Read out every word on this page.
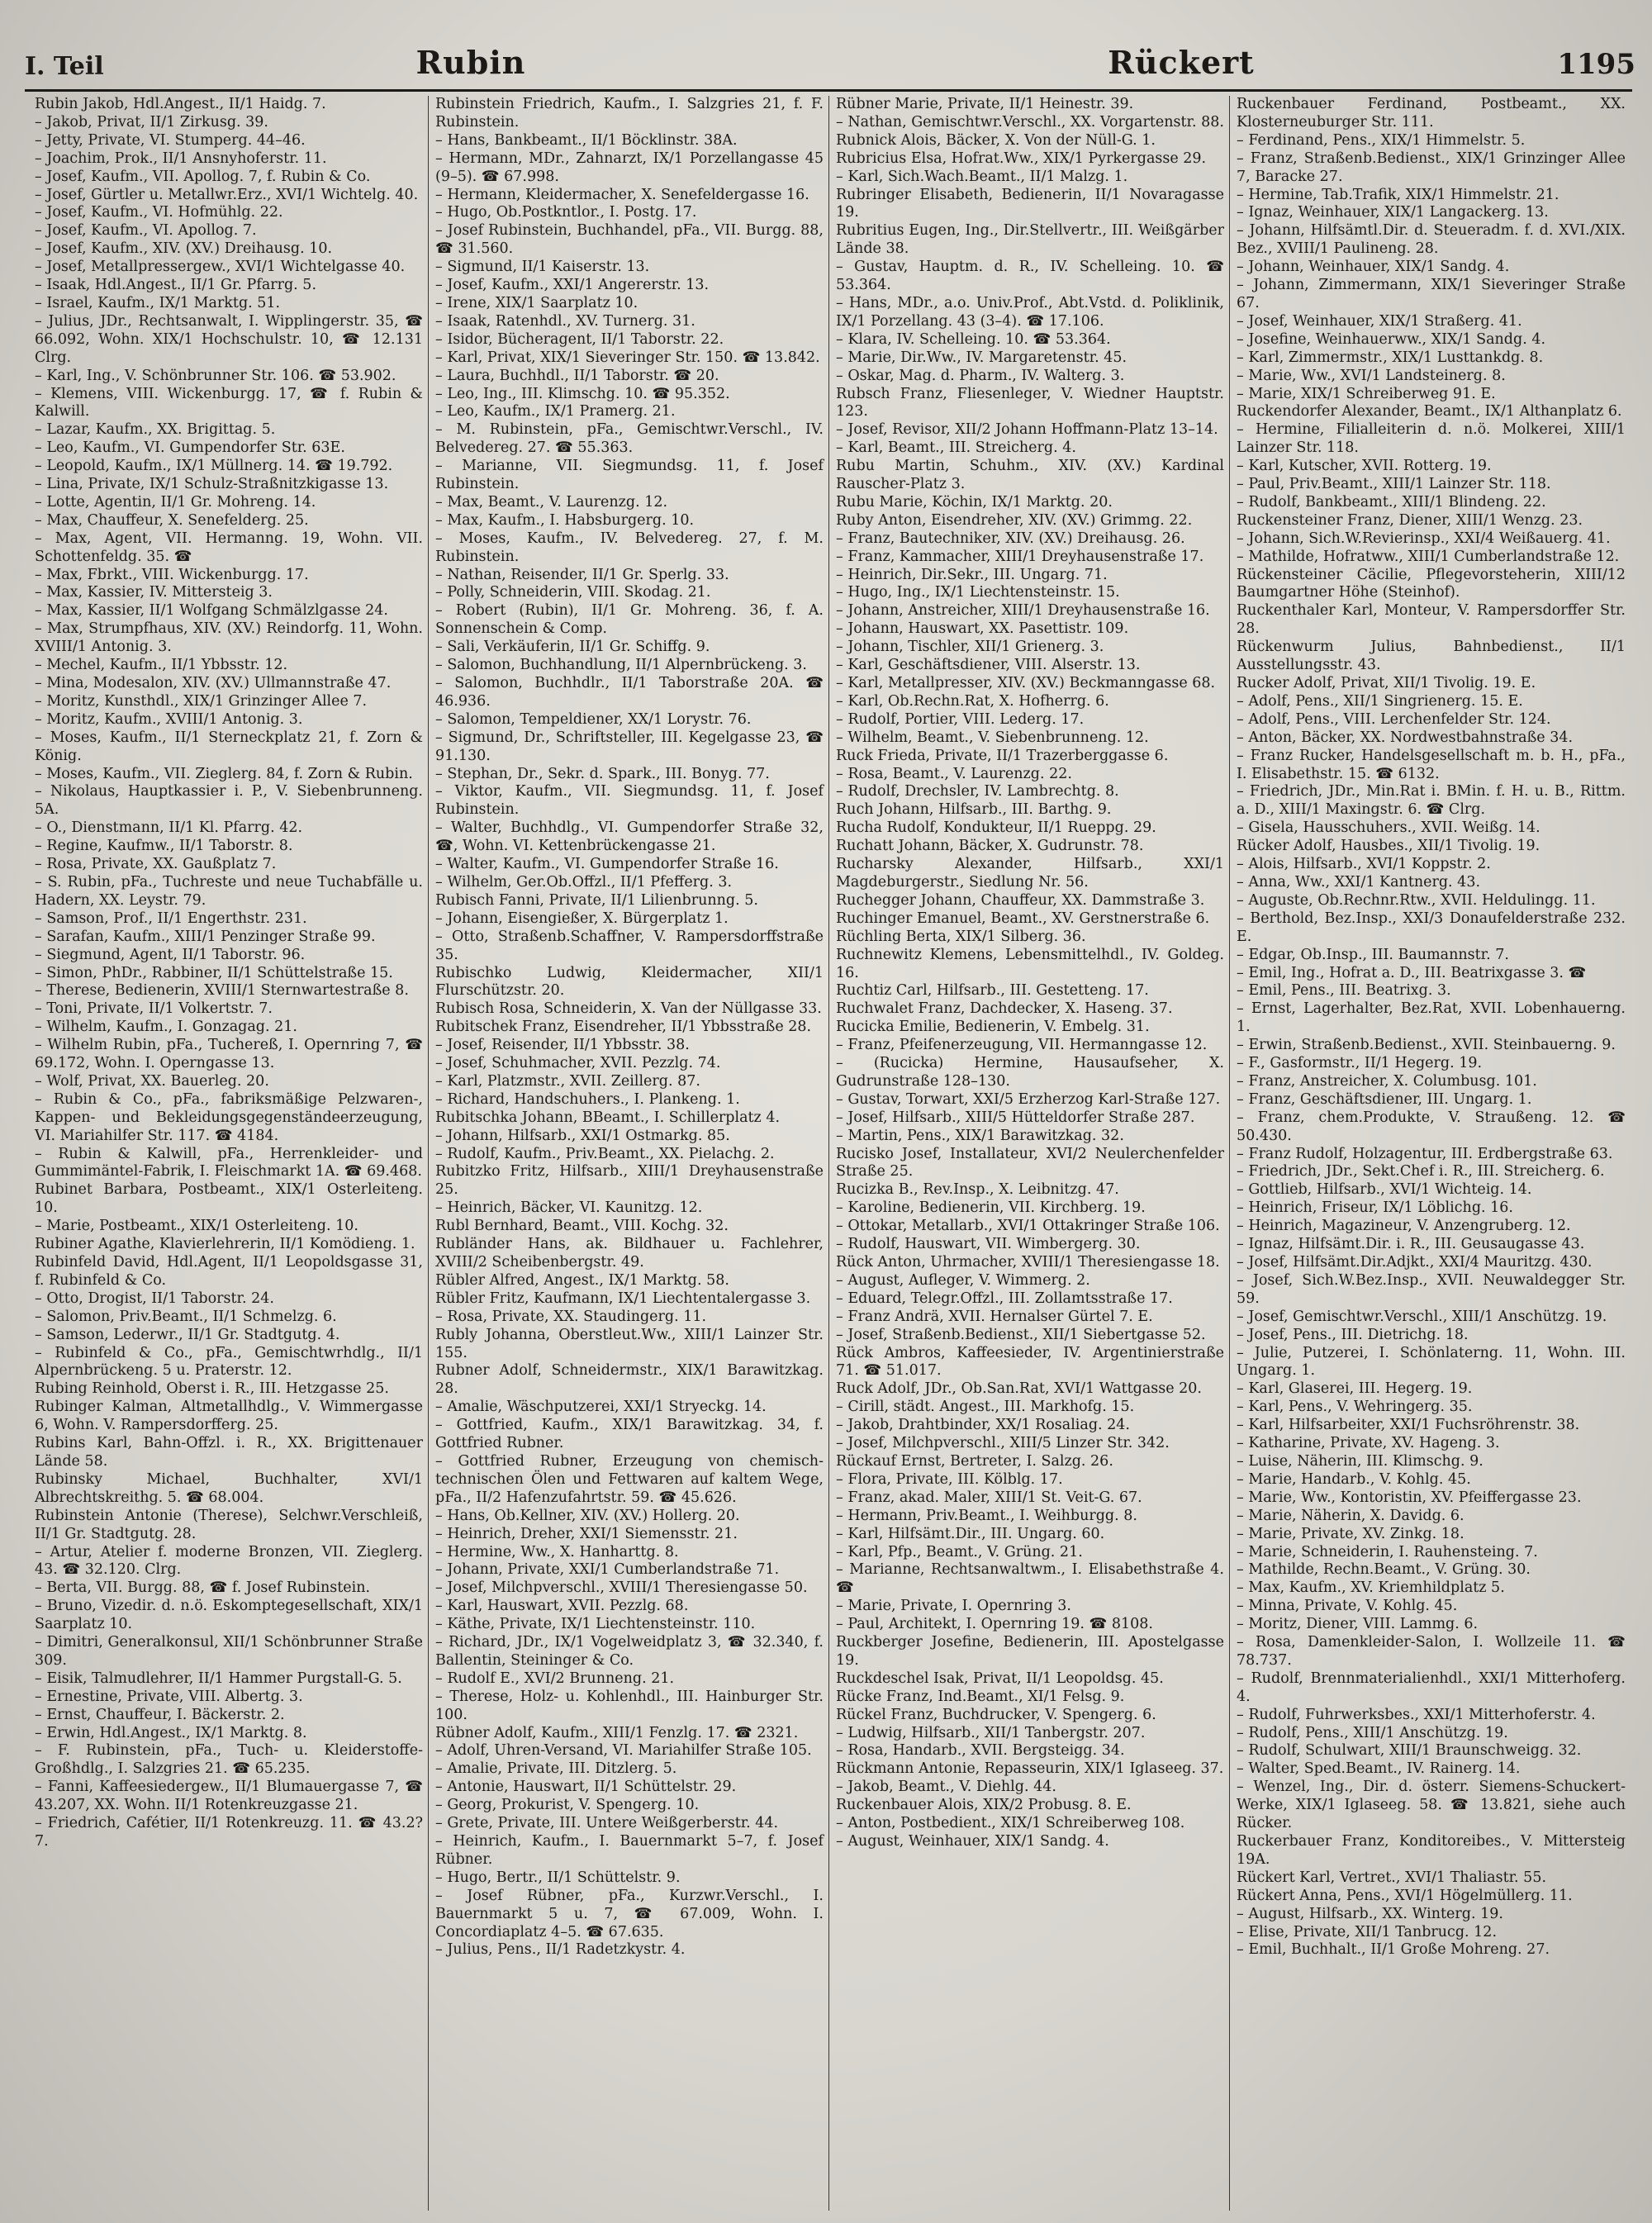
I. Teil	Rubin	Rückert	1195
Rubin Jakob, Hdl.Angest., II/1 Haidg. 7.
– Jakob, Privat, II/1 Zirkusg. 39.
– Jetty, Private, VI. Stumperg. 44–46.
– Joachim, Prok., II/1 Ansnyhoferstr. 11.
– Josef, Kaufm., VII. Apollog. 7, f. Rubin & Co.
– Josef, Gürtler u. Metallwr.Erz., XVI/1 Wichtelg. 40.
– Josef, Kaufm., VI. Hofmühlg. 22.
– Josef, Kaufm., VI. Apollog. 7.
– Josef, Kaufm., XIV. (XV.) Dreihausg. 10.
– Josef, Metallpressergew., XVI/1 Wichtelgasse 40.
– Isaak, Hdl.Angest., II/1 Gr. Pfarrg. 5.
– Israel, Kaufm., IX/1 Marktg. 51.
– Julius, JDr., Rechtsanwalt, I. Wipplingerstr. 35, ☎ 66.092, Wohn. XIX/1 Hochschulstr. 10, ☎ 12.131 Clrg.
– Karl, Ing., V. Schönbrunner Str. 106. ☎ 53.902.
– Klemens, VIII. Wickenburgg. 17, ☎ f. Rubin & Kalwill.
– Lazar, Kaufm., XX. Brigittag. 5.
– Leo, Kaufm., VI. Gumpendorfer Str. 63E.
– Leopold, Kaufm., IX/1 Müllnerg. 14. ☎ 19.792.
– Lina, Private, IX/1 Schulz-Straßnitzkigasse 13.
– Lotte, Agentin, II/1 Gr. Mohreng. 14.
– Max, Chauffeur, X. Senefelderg. 25.
– Max, Agent, VII. Hermanng. 19, Wohn. VII. Schottenfeldg. 35. ☎
– Max, Fbrkt., VIII. Wickenburgg. 17.
– Max, Kassier, IV. Mittersteig 3.
– Max, Kassier, II/1 Wolfgang Schmälzlgasse 24.
– Max, Strumpfhaus, XIV. (XV.) Reindorfg. 11, Wohn. XVIII/1 Antonig. 3.
– Mechel, Kaufm., II/1 Ybbsstr. 12.
– Mina, Modesalon, XIV. (XV.) Ullmannstraße 47.
– Moritz, Kunsthdl., XIX/1 Grinzinger Allee 7.
– Moritz, Kaufm., XVIII/1 Antonig. 3.
– Moses, Kaufm., II/1 Sterneckplatz 21, f. Zorn & König.
– Moses, Kaufm., VII. Zieglerg. 84, f. Zorn & Rubin.
– Nikolaus, Hauptkassier i. P., V. Siebenbrunneng. 5A.
– O., Dienstmann, II/1 Kl. Pfarrg. 42.
– Regine, Kaufmw., II/1 Taborstr. 8.
– Rosa, Private, XX. Gaußplatz 7.
– S. Rubin, pFa., Tuchreste und neue Tuchabfälle u. Hadern, XX. Leystr. 79.
– Samson, Prof., II/1 Engerthstr. 231.
– Sarafan, Kaufm., XIII/1 Penzinger Straße 99.
– Siegmund, Agent, II/1 Taborstr. 96.
– Simon, PhDr., Rabbiner, II/1 Schüttelstraße 15.
– Therese, Bedienerin, XVIII/1 Sternwartestraße 8.
– Toni, Private, II/1 Volkertstr. 7.
– Wilhelm, Kaufm., I. Gonzagag. 21.
– Wilhelm Rubin, pFa., Tuchereß, I. Opernring 7, ☎ 69.172, Wohn. I. Operngasse 13.
– Wolf, Privat, XX. Bauerlеg. 20.
– Rubin & Co., pFa., fabriksmäßige Pelzwaren-, Kappen- und Bekleidungsgegenständeerzeugung, VI. Mariahilfer Str. 117. ☎ 4184.
– Rubin & Kalwill, pFa., Herrenkleider- und Gummimäntel-Fabrik, I. Fleischmarkt 1A. ☎ 69.468.
Rubinet Barbara, Postbeamt., XIX/1 Osterleiteng. 10.
– Marie, Postbeamt., XIX/1 Osterleiteng. 10.
Rubiner Agathe, Klavierlehrerin, II/1 Komödieng. 1.
Rubinfeld David, Hdl.Agent, II/1 Leopoldsgasse 31, f. Rubinfeld & Co.
– Otto, Drogist, II/1 Taborstr. 24.
– Salomon, Priv.Beamt., II/1 Schmelzg. 6.
– Samson, Lederwr., II/1 Gr. Stadtgutg. 4.
– Rubinfeld & Co., pFa., Gemischtwrhdlg., II/1 Alpernbrückeng. 5 u. Praterstr. 12.
Rubing Reinhold, Oberst i. R., III. Hetzgasse 25.
Rubinger Kalman, Altmetallhdlg., V. Wimmergasse 6, Wohn. V. Rampersdorfferg. 25.
Rubins Karl, Bahn-Offzl. i. R., XX. Brigittenauer Lände 58.
Rubinsky Michael, Buchhalter, XVI/1 Albrechtskreithg. 5. ☎ 68.004.
Rubinstein Antonie (Therese), Selchwr.Verschleiß, II/1 Gr. Stadtgutg. 28.
– Artur, Atelier f. moderne Bronzen, VII. Zieglerg. 43. ☎ 32.120. Clrg.
– Berta, VII. Burgg. 88, ☎ f. Josef Rubinstein.
– Bruno, Vizedir. d. n.ö. Eskomptegesellschaft, XIX/1 Saarplatz 10.
– Dimitri, Generalkonsul, XII/1 Schönbrunner Straße 309.
– Eisik, Talmudlehrer, II/1 Hammer Purgstall-G. 5.
– Ernestine, Private, VIII. Albertg. 3.
– Ernst, Chauffeur, I. Bäckerstr. 2.
– Erwin, Hdl.Angest., IX/1 Marktg. 8.
– F. Rubinstein, pFa., Tuch- u. Kleiderstoffe-Großhdlg., I. Salzgries 21. ☎ 65.235.
– Fanni, Kaffeesiedergew., II/1 Blumauergasse 7, ☎ 43.207, XX. Wohn. II/1 Rotenkreuzgasse 21.
– Friedrich, Cafétier, II/1 Rotenkreuzg. 11. ☎ 43.2?7.
Rubinstein Friedrich, Kaufm., I. Salzgries 21, f. F. Rubinstein.
– Hans, Bankbeamt., II/1 Böcklinstr. 38A.
– Hermann, MDr., Zahnarzt, IX/1 Porzellangasse 45 (9–5). ☎ 67.998.
– Hermann, Kleidermacher, X. Senefeldergasse 16.
– Hugo, Ob.Postkntlor., I. Postg. 17.
– Josef Rubinstein, Buchhandel, pFa., VII. Burgg. 88, ☎ 31.560.
– Sigmund, II/1 Kaiserstr. 13.
– Josef, Kaufm., XXI/1 Angererstr. 13.
– Irene, XIX/1 Saarplatz 10.
– Isaak, Ratenhdl., XV. Turnerg. 31.
– Isidor, Bücheragent, II/1 Taborstr. 22.
– Karl, Privat, XIX/1 Sieveringer Str. 150. ☎ 13.842.
– Laura, Buchhdl., II/1 Taborstr. ☎ 20.
– Leo, Ing., III. Klimschg. 10. ☎ 95.352.
– Leo, Kaufm., IX/1 Pramerg. 21.
– M. Rubinstein, pFa., Gemischtwr.Verschl., IV. Belvedereg. 27. ☎ 55.363.
– Marianne, VII. Siegmundsg. 11, f. Josef Rubinstein.
– Max, Beamt., V. Laurenzg. 12.
– Max, Kaufm., I. Habsburgerg. 10.
– Moses, Kaufm., IV. Belvedereg. 27, f. M. Rubinstein.
– Nathan, Reisender, II/1 Gr. Sperlg. 33.
– Polly, Schneiderin, VIII. Skodag. 21.
– Robert (Rubin), II/1 Gr. Mohreng. 36, f. A. Sonnenschein & Comp.
– Sali, Verkäuferin, II/1 Gr. Schiffg. 9.
– Salomon, Buchhandlung, II/1 Alpernbrückeng. 3.
– Salomon, Buchhdlr., II/1 Taborstraße 20A. ☎ 46.936.
– Salomon, Tempeldiener, XX/1 Lorystr. 76.
– Sigmund, Dr., Schriftsteller, III. Kegelgasse 23, ☎ 91.130.
– Stephan, Dr., Sekr. d. Spark., III. Bonyg. 77.
– Viktor, Kaufm., VII. Siegmundsg. 11, f. Josef Rubinstein.
– Walter, Buchhdlg., VI. Gumpendorfer Straße 32, ☎, Wohn. VI. Kettenbrückengasse 21.
– Walter, Kaufm., VI. Gumpendorfer Straße 16.
– Wilhelm, Ger.Ob.Offzl., II/1 Pfefferg. 3.
Rubisch Fanni, Private, II/1 Lilienbrunng. 5.
– Johann, Eisengießer, X. Bürgerplatz 1.
– Otto, Straßenb.Schaffner, V. Rampersdorffstraße 35.
Rubischko Ludwig, Kleidermacher, XII/1 Flurschützstr. 20.
Rubisch Rosa, Schneiderin, X. Van der Nüllgasse 33.
Rubitschek Franz, Eisendreher, II/1 Ybbsstraße 28.
– Josef, Reisender, II/1 Ybbsstr. 38.
– Josef, Schuhmacher, XVII. Pezzlg. 74.
– Karl, Platzmstr., XVII. Zeillerg. 87.
– Richard, Handschuhers., I. Plankeng. 1.
Rubitschka Johann, BBeamt., I. Schillerplatz 4.
– Johann, Hilfsarb., XXI/1 Ostmarkg. 85.
– Rudolf, Kaufm., Priv.Beamt., XX. Pielachg. 2.
Rubitzko Fritz, Hilfsarb., XIII/1 Dreyhausenstraße 25.
– Heinrich, Bäcker, VI. Kaunitzg. 12.
Rubl Bernhard, Beamt., VIII. Kochg. 32.
Rubländer Hans, ak. Bildhauer u. Fachlehrer, XVIII/2 Scheibenbergstr. 49.
Rübler Alfred, Angest., IX/1 Marktg. 58.
Rübler Fritz, Kaufmann, IX/1 Liechtentalergasse 3.
– Rosa, Private, XX. Staudingerg. 11.
Rubly Johanna, Oberstleut.Ww., XIII/1 Lainzer Str. 155.
Rubner Adolf, Schneidermstr., XIX/1 Barawitzkag. 28.
– Amalie, Wäschputzerei, XXI/1 Stryeckg. 14.
– Gottfried, Kaufm., XIX/1 Barawitzkag. 34, f. Gottfried Rubner.
– Gottfried Rubner, Erzeugung von chemisch-technischen Ölen und Fettwaren auf kaltem Wege, pFa., II/2 Hafenzufahrtstr. 59. ☎ 45.626.
– Hans, Ob.Kellner, XIV. (XV.) Hollerg. 20.
– Heinrich, Dreher, XXI/1 Siemensstr. 21.
– Hermine, Ww., X. Hanharttg. 8.
– Johann, Private, XXI/1 Cumberlandstraße 71.
– Josef, Milchpverschl., XVIII/1 Theresiengasse 50.
– Karl, Hauswart, XVII. Pezzlg. 68.
– Käthe, Private, IX/1 Liechtensteinstr. 110.
– Richard, JDr., IX/1 Vogelweidplatz 3, ☎ 32.340, f. Ballentin, Steininger & Co.
– Rudolf E., XVI/2 Brunneng. 21.
– Therese, Holz- u. Kohlenhdl., III. Hainburger Str. 100.
Rübner Adolf, Kaufm., XIII/1 Fenzlg. 17. ☎ 2321.
– Adolf, Uhren-Versand, VI. Mariahilfer Straße 105.
– Amalie, Private, III. Ditzlerg. 5.
– Antonie, Hauswart, II/1 Schüttelstr. 29.
– Georg, Prokurist, V. Spengerg. 10.
– Grete, Private, III. Untere Weißgerberstr. 44.
– Heinrich, Kaufm., I. Bauernmarkt 5–7, f. Josef Rübner.
– Hugo, Bertr., II/1 Schüttelstr. 9.
– Josef Rübner, pFa., Kurzwr.Verschl., I. Bauernmarkt 5 u. 7, ☎ 67.009, Wohn. I. Concordiaplatz 4–5. ☎ 67.635.
– Julius, Pens., II/1 Radetzkystr. 4.
Rübner Marie, Private, II/1 Heinestr. 39.
– Nathan, Gemischtwr.Verschl., XX. Vorgartenstr. 88.
Rubnick Alois, Bäcker, X. Von der Nüll-G. 1.
Rubricius Elsa, Hofrat.Ww., XIX/1 Pyrkergasse 29.
– Karl, Sich.Wach.Beamt., II/1 Malzg. 1.
Rubringer Elisabeth, Bedienerin, II/1 Novaragasse 19.
Rubritius Eugen, Ing., Dir.Stellvertr., III. Weißgärber Lände 38.
– Gustav, Hauptm. d. R., IV. Schelleing. 10. ☎ 53.364.
– Hans, MDr., a.o. Univ.Prof., Abt.Vstd. d. Poliklinik, IX/1 Porzellang. 43 (3–4). ☎ 17.106.
– Klara, IV. Schelleing. 10. ☎ 53.364.
– Marie, Dir.Ww., IV. Margaretenstr. 45.
– Oskar, Mag. d. Pharm., IV. Walterg. 3.
Rubsch Franz, Fliesenleger, V. Wiedner Hauptstr. 123.
– Josef, Revisor, XII/2 Johann Hoffmann-Platz 13–14.
– Karl, Beamt., III. Streicherg. 4.
Rubu Martin, Schuhm., XIV. (XV.) Kardinal Rauscher-Platz 3.
Rubu Marie, Köchin, IX/1 Marktg. 20.
Ruby Anton, Eisendreher, XIV. (XV.) Grimmg. 22.
– Franz, Bautechniker, XIV. (XV.) Dreihausg. 26.
– Franz, Kammacher, XIII/1 Dreyhausenstraße 17.
– Heinrich, Dir.Sekr., III. Ungarg. 71.
– Hugo, Ing., IX/1 Liechtensteinstr. 15.
– Johann, Anstreicher, XIII/1 Dreyhausenstraße 16.
– Johann, Hauswart, XX. Pasettistr. 109.
– Johann, Tischler, XII/1 Grienerg. 3.
– Karl, Geschäftsdiener, VIII. Alserstr. 13.
– Karl, Metallpresser, XIV. (XV.) Beckmanngasse 68.
– Karl, Ob.Rechn.Rat, X. Hofherrg. 6.
– Rudolf, Portier, VIII. Lederg. 17.
– Wilhelm, Beamt., V. Siebenbrunneng. 12.
Ruck Frieda, Private, II/1 Trazerberggasse 6.
– Rosa, Beamt., V. Laurenzg. 22.
– Rudolf, Drechsler, IV. Lambrechtg. 8.
Ruch Johann, Hilfsarb., III. Barthg. 9.
Rucha Rudolf, Kondukteur, II/1 Rueppg. 29.
Ruchatt Johann, Bäcker, X. Gudrunstr. 78.
Rucharsky Alexander, Hilfsarb., XXI/1 Magdeburgerstr., Siedlung Nr. 56.
Ruchegger Johann, Chauffeur, XX. Dammstraße 3.
Ruchinger Emanuel, Beamt., XV. Gerstnerstraße 6.
Rüchling Berta, XIX/1 Silberg. 36.
Ruchnewitz Klemens, Lebensmittelhdl., IV. Goldeg. 16.
Ruchtiz Carl, Hilfsarb., III. Gestettеng. 17.
Ruchwalet Franz, Dachdecker, X. Haseng. 37.
Rucicka Emilie, Bedienerin, V. Embelg. 31.
– Franz, Pfeifenerzeugung, VII. Hermanngasse 12.
– (Rucicka) Hermine, Hausaufseher, X. Gudrunstraße 128–130.
– Gustav, Torwart, XXI/5 Erzherzog Karl-Straße 127.
– Josef, Hilfsarb., XIII/5 Hütteldorfer Straße 287.
– Martin, Pens., XIX/1 Barawitzkag. 32.
Rucisko Josef, Installateur, XVI/2 Neulerchenfelder Straße 25.
Rucizka B., Rev.Insp., X. Leibnitzg. 47.
– Karoline, Bedienerin, VII. Kirchberg. 19.
– Ottokar, Metallarb., XVI/1 Ottakringer Straße 106.
– Rudolf, Hauswart, VII. Wimbergerg. 30.
Rück Anton, Uhrmacher, XVIII/1 Theresiengasse 18.
– August, Aufleger, V. Wimmerg. 2.
– Eduard, Telegr.Offzl., III. Zollamtsstraße 17.
– Franz Andrä, XVII. Hernalser Gürtel 7. E.
– Josef, Straßenb.Bedienst., XII/1 Siebertgasse 52.
Rück Ambros, Kaffeesieder, IV. Argentinierstraße 71. ☎ 51.017.
Ruck Adolf, JDr., Ob.San.Rat, XVI/1 Wattgasse 20.
– Cirill, städt. Angest., III. Markhofg. 15.
– Jakob, Drahtbinder, XX/1 Rosaliag. 24.
– Josef, Milchpverschl., XIII/5 Linzer Str. 342.
Rückauf Ernst, Bertreter, I. Salzg. 26.
– Flora, Private, III. Kölblg. 17.
– Franz, akad. Maler, XIII/1 St. Veit-G. 67.
– Hermann, Priv.Beamt., I. Weihburgg. 8.
– Karl, Hilfsämt.Dir., III. Ungarg. 60.
– Karl, Pfp., Beamt., V. Grüng. 21.
– Marianne, Rechtsanwaltwm., I. Elisabethstraße 4. ☎
– Marie, Private, I. Opernring 3.
– Paul, Architekt, I. Opernring 19. ☎ 8108.
Ruckberger Josefine, Bedienerin, III. Apostelgasse 19.
Ruckdeschel Isak, Privat, II/1 Leopoldsg. 45.
Rücke Franz, Ind.Beamt., XI/1 Felsg. 9.
Rückel Franz, Buchdrucker, V. Spengerg. 6.
– Ludwig, Hilfsarb., XII/1 Tanbergstr. 207.
– Rosa, Handarb., XVII. Bergsteigg. 34.
Rückmann Antonie, Repasseurin, XIX/1 Iglaseeg. 37.
– Jakob, Beamt., V. Diehlg. 44.
Ruckenbauer Alois, XIX/2 Probusg. 8. E.
– Anton, Postbedient., XIX/1 Schreiberweg 108.
– August, Weinhauer, XIX/1 Sandg. 4.
Ruckenbauer Ferdinand, Postbeamt., XX. Klosterneuburger Str. 111.
– Ferdinand, Pens., XIX/1 Himmelstr. 5.
– Franz, Straßenb.Bedienst., XIX/1 Grinzinger Allee 7, Baracke 27.
– Hermine, Tab.Trafik, XIX/1 Himmelstr. 21.
– Ignaz, Weinhauer, XIX/1 Langackerg. 13.
– Johann, Hilfsämtl.Dir. d. Steueradm. f. d. XVI./XIX. Bez., XVIII/1 Paulineng. 28.
– Johann, Weinhauer, XIX/1 Sandg. 4.
– Johann, Zimmermann, XIX/1 Sieveringer Straße 67.
– Josef, Weinhauer, XIX/1 Straßerg. 41.
– Josefine, Weinhauerww., XIX/1 Sandg. 4.
– Karl, Zimmermstr., XIX/1 Lusttankdg. 8.
– Marie, Ww., XVI/1 Landsteinerg. 8.
– Marie, XIX/1 Schreiberweg 91. E.
Ruckendorfer Alexander, Beamt., IX/1 Althanplatz 6.
– Hermine, Filialleiterin d. n.ö. Molkerei, XIII/1 Lainzer Str. 118.
– Karl, Kutscher, XVII. Rotterg. 19.
– Paul, Priv.Beamt., XIII/1 Lainzer Str. 118.
– Rudolf, Bankbeamt., XIII/1 Blindeng. 22.
Ruckensteiner Franz, Diener, XIII/1 Wenzg. 23.
– Johann, Sich.W.Revierinsp., XXI/4 Weißauerg. 41.
– Mathilde, Hofratww., XIII/1 Cumberlandstraße 12.
Rückensteiner Cäcilie, Pflegevorsteherin, XIII/12 Baumgartner Höhe (Steinhof).
Ruckenthaler Karl, Monteur, V. Rampersdorffer Str. 28.
Rückenwurm Julius, Bahnbedienst., II/1 Ausstellungsstr. 43.
Rucker Adolf, Privat, XII/1 Tivolig. 19. E.
– Adolf, Pens., XII/1 Singrienerg. 15. E.
– Adolf, Pens., VIII. Lerchenfelder Str. 124.
– Anton, Bäcker, XX. Nordwestbahnstraße 34.
– Franz Rucker, Handelsgesellschaft m. b. H., pFa., I. Elisabethstr. 15. ☎ 6132.
– Friedrich, JDr., Min.Rat i. BMin. f. H. u. B., Rittm. a. D., XIII/1 Maxingstr. 6. ☎ Clrg.
– Gisela, Hausschuhers., XVII. Weißg. 14.
Rücker Adolf, Hausbes., XII/1 Tivolig. 19.
– Alois, Hilfsarb., XVI/1 Koppstr. 2.
– Anna, Ww., XXI/1 Kantnerg. 43.
– Auguste, Ob.Rechnr.Rtw., XVII. Heldulingg. 11.
– Berthold, Bez.Insp., XXI/3 Donaufelderstraße 232. E.
– Edgar, Ob.Insp., III. Baumannstr. 7.
– Emil, Ing., Hofrat a. D., III. Beatrixgasse 3. ☎
– Emil, Pens., III. Beatrixg. 3.
– Ernst, Lagerhalter, Bez.Rat, XVII. Lobenhauerng. 1.
– Erwin, Straßenb.Bedienst., XVII. Steinbauerng. 9.
– F., Gasformstr., II/1 Hegerg. 19.
– Franz, Anstreicher, X. Columbusg. 101.
– Franz, Geschäftsdiener, III. Ungarg. 1.
– Franz, chem.Produkte, V. Straußeng. 12. ☎ 50.430.
– Franz Rudolf, Holzagentur, III. Erdbergstraße 63.
– Friedrich, JDr., Sekt.Chef i. R., III. Streicherg. 6.
– Gottlieb, Hilfsarb., XVI/1 Wichteig. 14.
– Heinrich, Friseur, IX/1 Löblichg. 16.
– Heinrich, Magazineur, V. Anzengruberg. 12.
– Ignaz, Hilfsämt.Dir. i. R., III. Geusaugasse 43.
– Josef, Hilfsämt.Dir.Adjkt., XXI/4 Mauritzg. 430.
– Josef, Sich.W.Bez.Insp., XVII. Neuwaldegger Str. 59.
– Josef, Gemischtwr.Verschl., XIII/1 Anschützg. 19.
– Josef, Pens., III. Dietrichg. 18.
– Julie, Putzerei, I. Schönlaterng. 11, Wohn. III. Ungarg. 1.
– Karl, Glaserei, III. Hegerg. 19.
– Karl, Pens., V. Wehringerg. 35.
– Karl, Hilfsarbeiter, XXI/1 Fuchsröhrenstr. 38.
– Katharine, Private, XV. Hageng. 3.
– Luise, Näherin, III. Klimschg. 9.
– Marie, Handarb., V. Kohlg. 45.
– Marie, Ww., Kontoristin, XV. Pfeiffergasse 23.
– Marie, Näherin, X. Davidg. 6.
– Marie, Private, XV. Zinkg. 18.
– Marie, Schneiderin, I. Rauhensteing. 7.
– Mathilde, Rechn.Beamt., V. Grüng. 30.
– Max, Kaufm., XV. Kriemhildplatz 5.
– Minna, Private, V. Kohlg. 45.
– Moritz, Diener, VIII. Lammg. 6.
– Rosa, Damenkleider-Salon, I. Wollzeile 11. ☎ 78.737.
– Rudolf, Brennmaterialienhdl., XXI/1 Mitterhoferg. 4.
– Rudolf, Fuhrwerksbes., XXI/1 Mitterhoferstr. 4.
– Rudolf, Pens., XIII/1 Anschützg. 19.
– Rudolf, Schulwart, XIII/1 Braunschweigg. 32.
– Walter, Sped.Beamt., IV. Rainerg. 14.
– Wenzel, Ing., Dir. d. österr. Siemens-Schuckert-Werke, XIX/1 Iglaseeg. 58. ☎ 13.821, siehe auch Rücker.
Ruckerbauer Franz, Konditoreibes., V. Mittersteig 19A.
Rückert Karl, Vertret., XVI/1 Thaliastr. 55.
Rückert Anna, Pens., XVI/1 Högelmüllerg. 11.
– August, Hilfsarb., XX. Winterg. 19.
– Elise, Private, XII/1 Tanbrucg. 12.
– Emil, Buchhalt., II/1 Große Mohreng. 27.
